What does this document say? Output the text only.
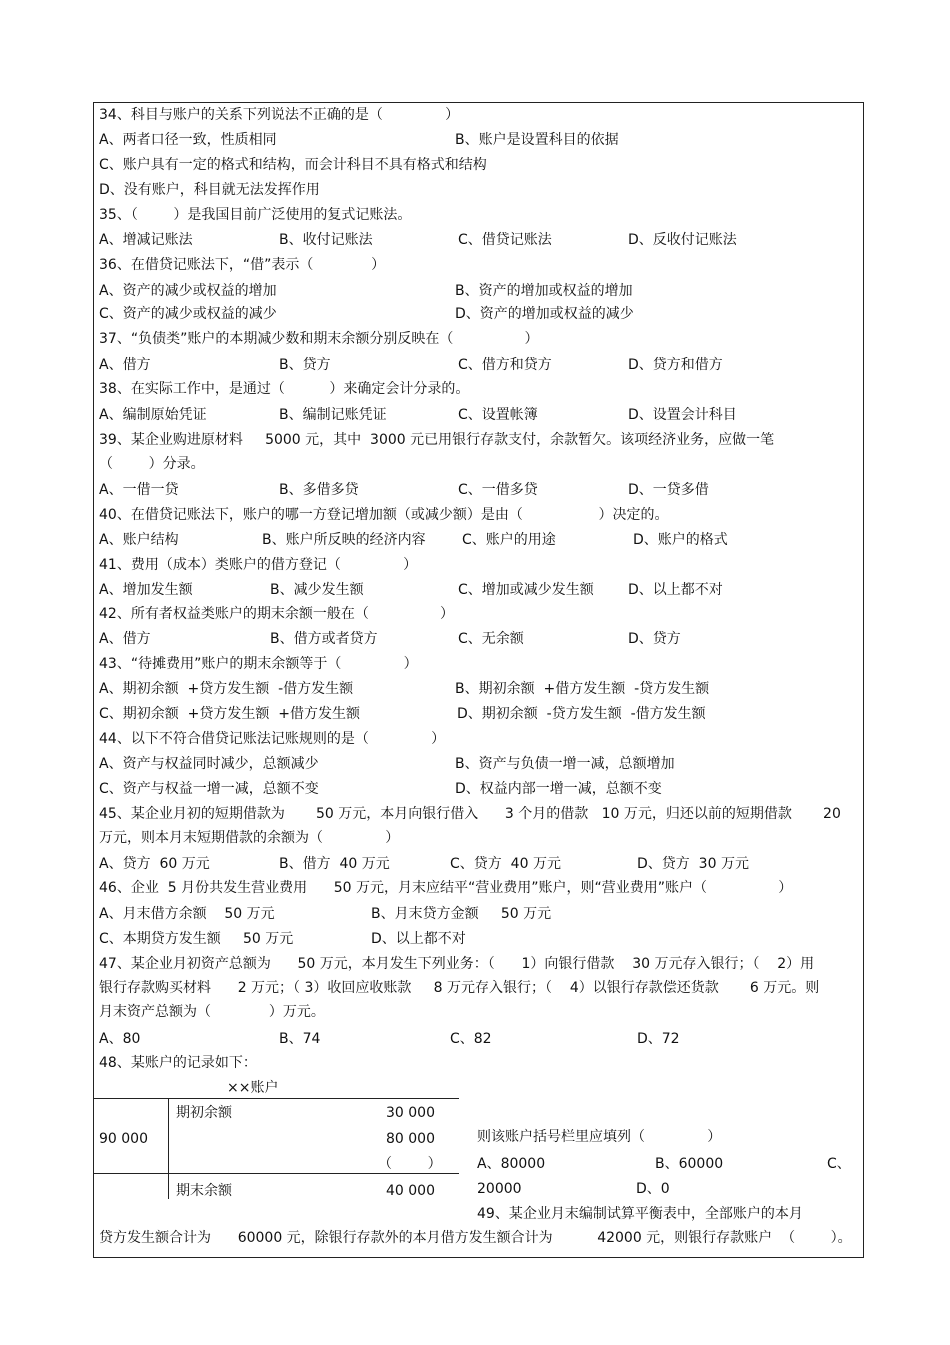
34、科目与账户的关系下列说法不正确的是（              ）
A、两者口径一致，性质相同	B、账户是设置科目的依据
C、账户具有一定的格式和结构，而会计科目不具有格式和结构
D、没有账户，科目就无法发挥作用
35、（        ）是我国目前广泛使用的复式记账法。
A、增减记账法	B、收付记账法	C、借贷记账法	D、反收付记账法
36、在借贷记账法下，“借”表示（             ）
A、资产的减少或权益的增加	B、资产的增加或权益的增加
C、资产的减少或权益的减少	D、资产的增加或权益的减少
37、“负债类”账户的本期减少数和期末余额分别反映在（                ）
A、借方	B、贷方	C、借方和贷方	D、贷方和借方
38、在实际工作中，是通过（          ）来确定会计分录的。
A、编制原始凭证	B、编制记账凭证	C、设置帐簿	D、设置会计科目
39、某企业购进原材料     5000 元，其中  3000 元已用银行存款支付，余款暂欠。该项经济业务，应做一笔
（        ）分录。
A、一借一贷	B、多借多贷	C、一借多贷	D、一贷多借
40、在借贷记账法下，账户的哪一方登记增加额（或减少额）是由（                 ）决定的。
A、账户结构	B、账户所反映的经济内容	C、账户的用途	D、账户的格式
41、费用（成本）类账户的借方登记（              ）
A、增加发生额	B、减少发生额	C、增加或减少发生额 D、以上都不对
42、所有者权益类账户的期末余额一般在（                ）
A、借方	B、借方或者贷方	C、无余额	D、贷方
43、“待摊费用”账户的期末余额等于（              ）
A、期初余额  +贷方发生额  -借方发生额	B、期初余额  +借方发生额  -贷方发生额
C、期初余额  +贷方发生额  +借方发生额	D、期初余额  -贷方发生额  -借方发生额
44、以下不符合借贷记账法记账规则的是（              ）
A、资产与权益同时减少，总额减少	B、资产与负债一增一减，总额增加
C、资产与权益一增一减，总额不变	D、权益内部一增一减，总额不变
45、某企业月初的短期借款为       50 万元，本月向银行借入      3 个月的借款   10 万元，归还以前的短期借款       20
万元，则本月末短期借款的余额为（              ）
A、贷方  60 万元	B、借方  40 万元	C、贷方  40 万元	D、贷方  30 万元
46、企业  5 月份共发生营业费用      50 万元，月末应结平“营业费用”账户，则“营业费用”账户（                ）
A、月末借方余额    50 万元	B、月末贷方金额     50 万元
C、本期贷方发生额     50 万元	D、以上都不对
47、某企业月初资产总额为      50 万元，本月发生下列业务：（      1）向银行借款    30 万元存入银行；（    2）用
银行存款购买材料      2 万元；（ 3）收回应收账款     8 万元存入银行；（    4）以银行存款偿还货款       6 万元。则
月末资产总额为（             ）万元。
A、80	B、74	C、82	D、72
48、某账户的记录如下：
××账户
90 000
期初余额	30 000
80 000
（        ）
期末余额	40 000
则该账户括号栏里应填列（              ）
A、80000	B、60000	C、
20000	D、0
49、某企业月末编制试算平衡表中，全部账户的本月
贷方发生额合计为      60000 元，除银行存款外的本月借方发生额合计为          42000 元，则银行存款账户  （        ）。
